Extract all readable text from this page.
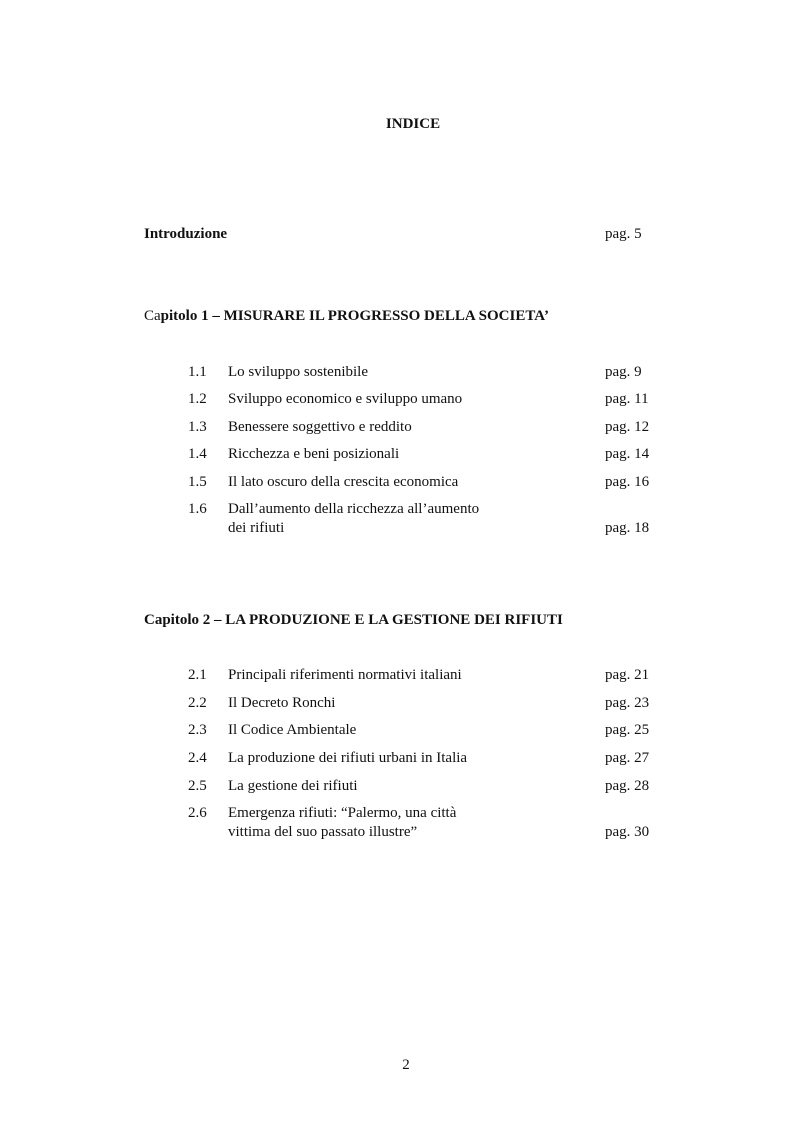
INDICE
Introduzione	pag. 5
Capitolo 1 – MISURARE IL PROGRESSO DELLA SOCIETA’
1.1 Lo sviluppo sostenibile	pag. 9
1.2 Sviluppo economico e sviluppo umano	pag. 11
1.3 Benessere soggettivo e reddito	pag. 12
1.4 Ricchezza e beni posizionali	pag. 14
1.5 Il lato oscuro della crescita economica	pag. 16
1.6 Dall’aumento della ricchezza all’aumento
dei rifiuti	pag. 18
Capitolo 2 – LA PRODUZIONE E LA GESTIONE DEI RIFIUTI
2.1 Principali riferimenti normativi italiani	pag. 21
2.2 Il Decreto Ronchi	pag. 23
2.3 Il Codice Ambientale	pag. 25
2.4 La produzione dei rifiuti urbani in Italia	pag. 27
2.5 La gestione dei rifiuti	pag. 28
2.6 Emergenza rifiuti: “Palermo, una città
vittima del suo passato illustre”	pag. 30
2
